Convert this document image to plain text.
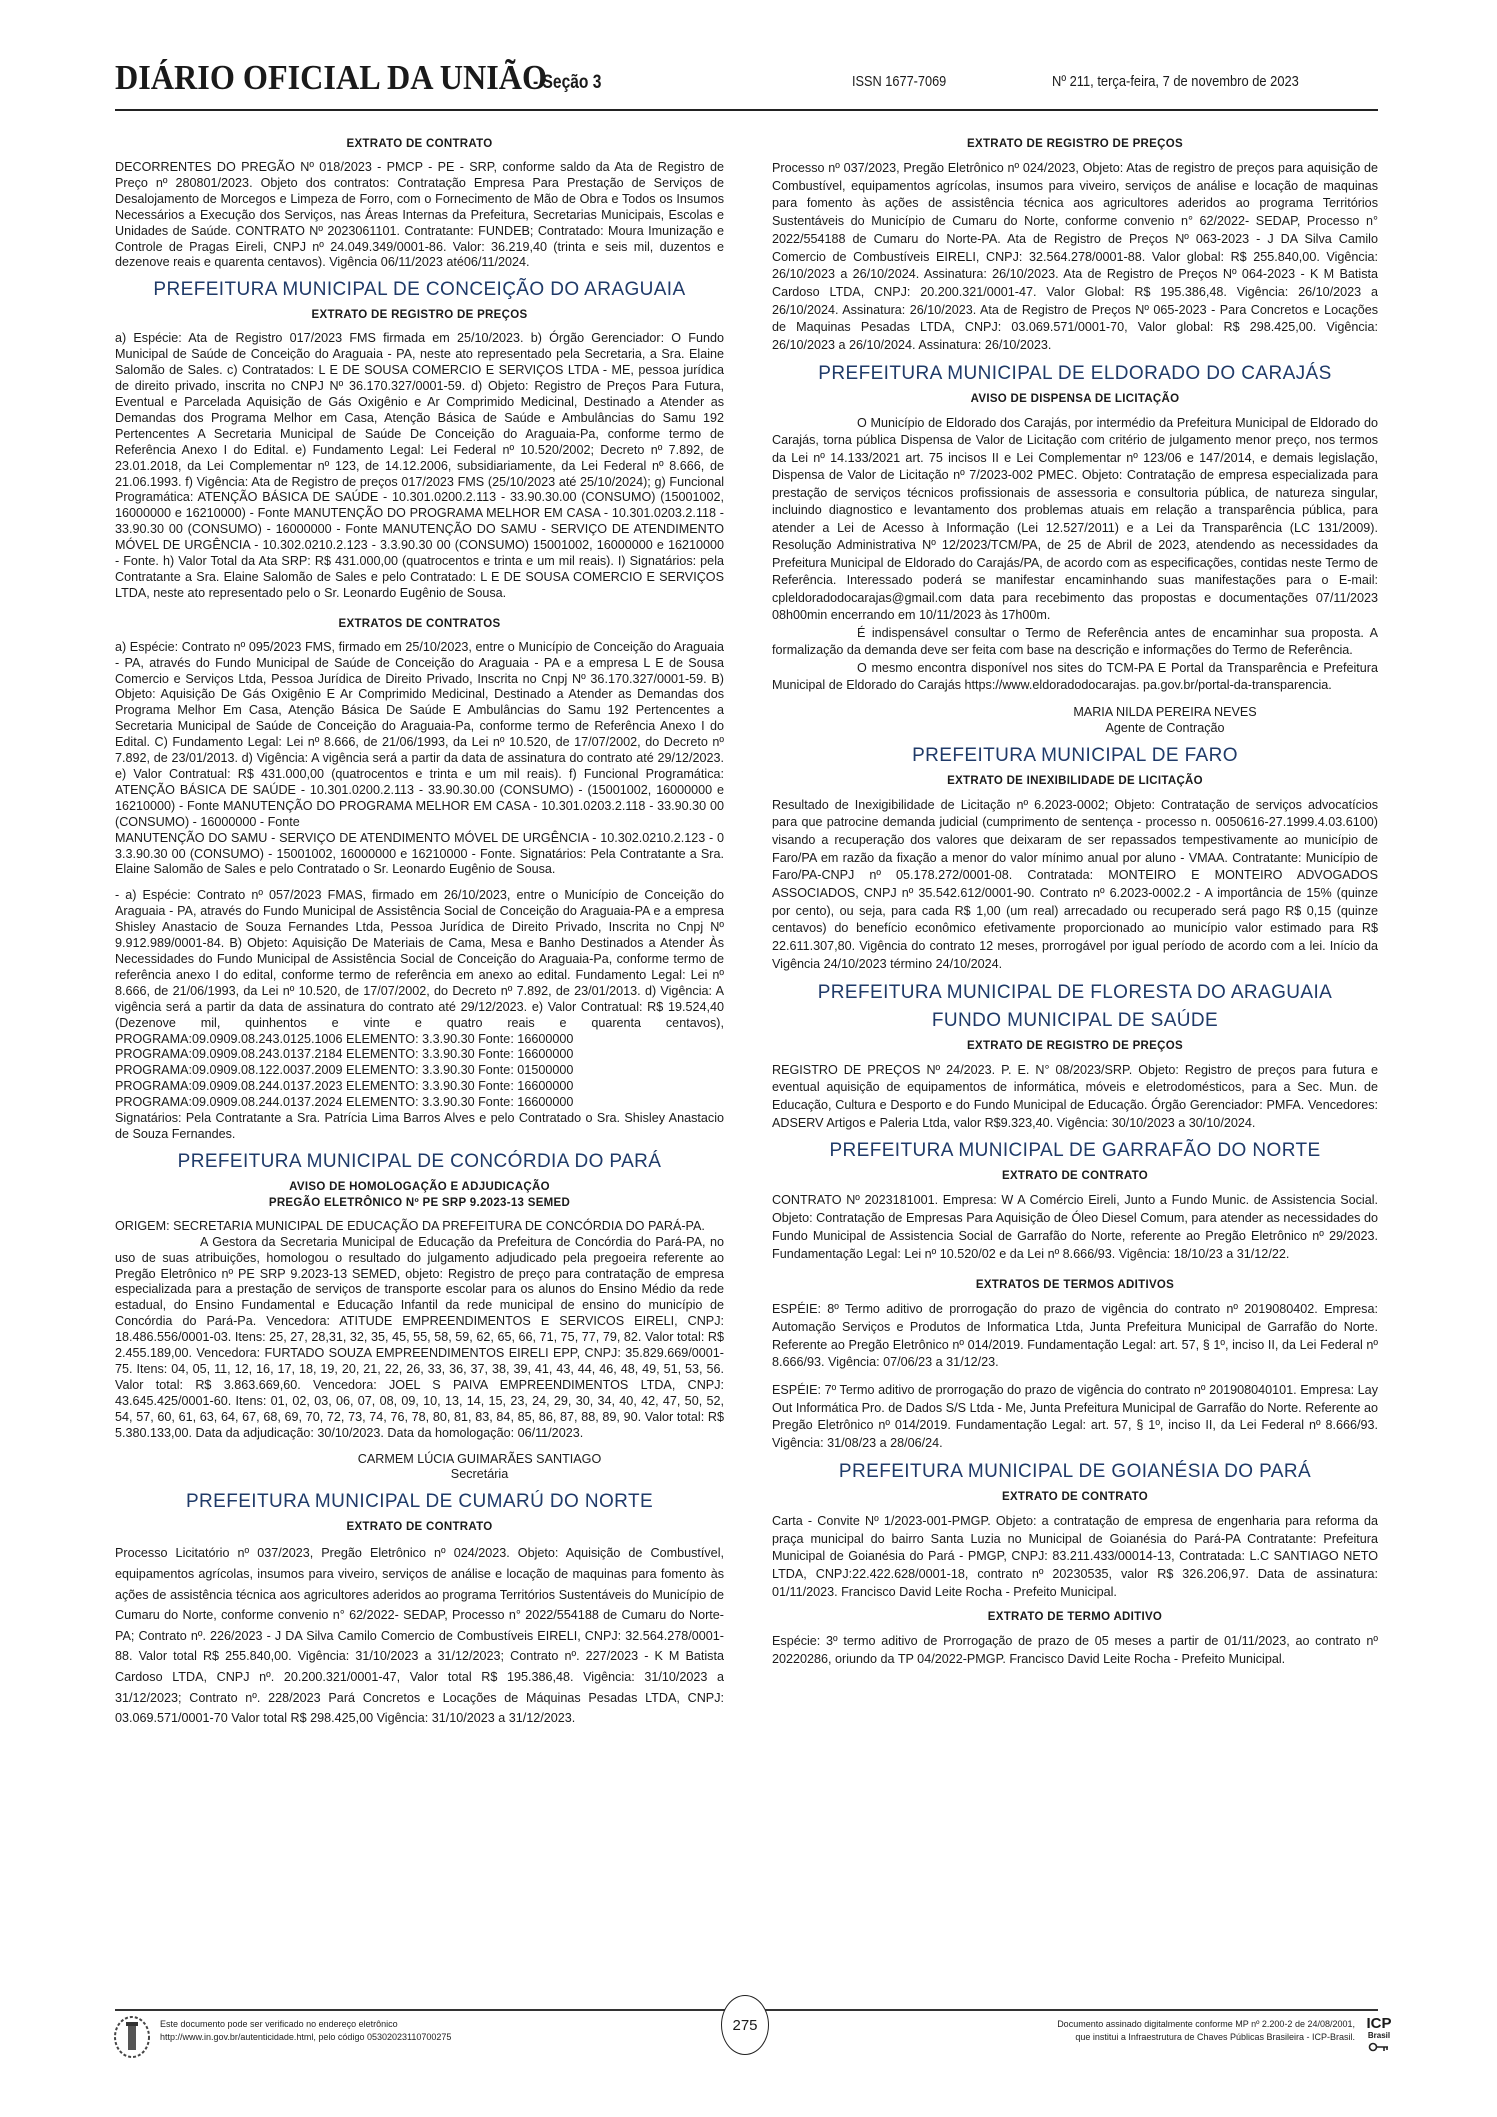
DIÁRIO OFICIAL DA UNIÃO
- Seção 3	ISSN 1677-7069	Nº 211, terça-feira, 7 de novembro de 2023
EXTRATO DE CONTRATO

DECORRENTES DO PREGÃO Nº 018/2023 - PMCP - PE - SRP, conforme saldo da Ata de Registro de Preço nº 280801/2023. Objeto dos contratos: Contratação Empresa Para Prestação de Serviços de Desalojamento de Morcegos e Limpeza de Forro, com o Fornecimento de Mão de Obra e Todos os Insumos Necessários a Execução dos Serviços, nas Áreas Internas da Prefeitura, Secretarias Municipais, Escolas e Unidades de Saúde. CONTRATO Nº 2023061101. Contratante: FUNDEB; Contratado: Moura Imunização e Controle de Pragas Eireli, CNPJ nº 24.049.349/0001-86. Valor: 36.219,40 (trinta e seis mil, duzentos e dezenove reais e quarenta centavos). Vigência 06/11/2023 até06/11/2024.

PREFEITURA MUNICIPAL DE CONCEIÇÃO DO ARAGUAIA
EXTRATO DE REGISTRO DE PREÇOS

a) Espécie: Ata de Registro 017/2023 FMS firmada em 25/10/2023. b) Órgão Gerenciador: O Fundo Municipal de Saúde de Conceição do Araguaia - PA, neste ato representado pela Secretaria, a Sra. Elaine Salomão de Sales. c) Contratados: L E DE SOUSA COMERCIO E SERVIÇOS LTDA - ME, pessoa jurídica de direito privado, inscrita no CNPJ Nº 36.170.327/0001-59. d) Objeto: Registro de Preços Para Futura, Eventual e Parcelada Aquisição de Gás Oxigênio e Ar Comprimido Medicinal, Destinado a Atender as Demandas dos Programa Melhor em Casa, Atenção Básica de Saúde e Ambulâncias do Samu 192 Pertencentes A Secretaria Municipal de Saúde De Conceição do Araguaia-Pa, conforme termo de Referência Anexo I do Edital. e) Fundamento Legal: Lei Federal nº 10.520/2002; Decreto nº 7.892, de 23.01.2018, da Lei Complementar nº 123, de 14.12.2006, subsidiariamente, da Lei Federal nº 8.666, de 21.06.1993. f) Vigência: Ata de Registro de preços 017/2023 FMS (25/10/2023 até 25/10/2024); g) Funcional Programática: ATENÇÃO BÁSICA DE SAÚDE - 10.301.0200.2.113 - 33.90.30.00 (CONSUMO) (15001002, 16000000 e 16210000) - Fonte MANUTENÇÃO DO PROGRAMA MELHOR EM CASA - 10.301.0203.2.118 - 33.90.30 00 (CONSUMO) - 16000000 - Fonte MANUTENÇÃO DO SAMU - SERVIÇO DE ATENDIMENTO MÓVEL DE URGÊNCIA - 10.302.0210.2.123 - 3.3.90.30 00 (CONSUMO) 15001002, 16000000 e 16210000 - Fonte. h) Valor Total da Ata SRP: R$ 431.000,00 (quatrocentos e trinta e um mil reais). I) Signatários: pela Contratante a Sra. Elaine Salomão de Sales e pelo Contratado: L E DE SOUSA COMERCIO E SERVIÇOS LTDA, neste ato representado pelo o Sr. Leonardo Eugênio de Sousa.

EXTRATOS DE CONTRATOS

a) Espécie: Contrato nº 095/2023 FMS, firmado em 25/10/2023, entre o Município de Conceição do Araguaia - PA, através do Fundo Municipal de Saúde de Conceição do Araguaia - PA e a empresa L E de Sousa Comercio e Serviços Ltda, Pessoa Jurídica de Direito Privado, Inscrita no Cnpj Nº 36.170.327/0001-59. B) Objeto: Aquisição De Gás Oxigênio E Ar Comprimido Medicinal, Destinado a Atender as Demandas dos Programa Melhor Em Casa, Atenção Básica De Saúde E Ambulâncias do Samu 192 Pertencentes a Secretaria Municipal de Saúde de Conceição do Araguaia-Pa, conforme termo de Referência Anexo I do Edital. C) Fundamento Legal: Lei nº 8.666, de 21/06/1993, da Lei nº 10.520, de 17/07/2002, do Decreto nº 7.892, de 23/01/2013. d) Vigência: A vigência será a partir da data de assinatura do contrato até 29/12/2023. e) Valor Contratual: R$ 431.000,00 (quatrocentos e trinta e um mil reais). f) Funcional Programática: ATENÇÃO BÁSICA DE SAÚDE - 10.301.0200.2.113 - 33.90.30.00 (CONSUMO) - (15001002, 16000000 e 16210000) - Fonte MANUTENÇÃO DO PROGRAMA MELHOR EM CASA - 10.301.0203.2.118 - 33.90.30 00 (CONSUMO) - 16000000 - Fonte

MANUTENÇÃO DO SAMU - SERVIÇO DE ATENDIMENTO MÓVEL DE URGÊNCIA - 10.302.0210.2.123 - 0 3.3.90.30 00 (CONSUMO) - 15001002, 16000000 e 16210000 - Fonte. Signatários: Pela Contratante a Sra. Elaine Salomão de Sales e pelo Contratado o Sr. Leonardo Eugênio de Sousa.

- a) Espécie: Contrato nº 057/2023 FMAS, firmado em 26/10/2023, entre o Município de Conceição do Araguaia - PA, através do Fundo Municipal de Assistência Social de Conceição do Araguaia-PA e a empresa Shisley Anastacio de Souza Fernandes Ltda, Pessoa Jurídica de Direito Privado, Inscrita no Cnpj Nº 9.912.989/0001-84. B) Objeto: Aquisição De Materiais de Cama, Mesa e Banho Destinados a Atender Às Necessidades do Fundo Municipal de Assistência Social de Conceição do Araguaia-Pa, conforme termo de referência anexo I do edital, conforme termo de referência em anexo ao edital. Fundamento Legal: Lei nº 8.666, de 21/06/1993, da Lei nº 10.520, de 17/07/2002, do Decreto nº 7.892, de 23/01/2013. d) Vigência: A vigência será a partir da data de assinatura do contrato até 29/12/2023. e) Valor Contratual: R$ 19.524,40 (Dezenove mil, quinhentos e vinte e quatro reais e quarenta centavos), PROGRAMA:09.0909.08.243.0125.1006 ELEMENTO: 3.3.90.30 Fonte: 16600000

PROGRAMA:09.0909.08.243.0137.2184 ELEMENTO: 3.3.90.30 Fonte: 16600000
PROGRAMA:09.0909.08.122.0037.2009 ELEMENTO: 3.3.90.30 Fonte: 01500000
PROGRAMA:09.0909.08.244.0137.2023 ELEMENTO: 3.3.90.30 Fonte: 16600000
PROGRAMA:09.0909.08.244.0137.2024 ELEMENTO: 3.3.90.30 Fonte: 16600000

Signatários: Pela Contratante a Sra. Patrícia Lima Barros Alves e pelo Contratado o Sra. Shisley Anastacio de Souza Fernandes.

PREFEITURA MUNICIPAL DE CONCÓRDIA DO PARÁ
AVISO DE HOMOLOGAÇÃO E ADJUDICAÇÃO
PREGÃO ELETRÔNICO Nº PE SRP 9.2023-13 SEMED

ORIGEM: SECRETARIA MUNICIPAL DE EDUCAÇÃO DA PREFEITURA DE CONCÓRDIA DO PARÁ-PA.

A Gestora da Secretaria Municipal de Educação da Prefeitura de Concórdia do Pará-PA, no uso de suas atribuições, homologou o resultado do julgamento adjudicado pela pregoeira referente ao Pregão Eletrônico nº PE SRP 9.2023-13 SEMED, objeto: Registro de preço para contratação de empresa especializada para a prestação de serviços de transporte escolar para os alunos do Ensino Médio da rede estadual, do Ensino Fundamental e Educação Infantil da rede municipal de ensino do município de Concórdia do Pará-Pa. Vencedora: ATITUDE EMPREENDIMENTOS E SERVICOS EIRELI, CNPJ: 18.486.556/0001-03. Itens: 25, 27, 28,31, 32, 35, 45, 55, 58, 59, 62, 65, 66, 71, 75, 77, 79, 82. Valor total: R$ 2.455.189,00. Vencedora: FURTADO SOUZA EMPREENDIMENTOS EIRELI EPP, CNPJ: 35.829.669/0001-75. Itens: 04, 05, 11, 12, 16, 17, 18, 19, 20, 21, 22, 26, 33, 36, 37, 38, 39, 41, 43, 44, 46, 48, 49, 51, 53, 56. Valor total: R$ 3.863.669,60. Vencedora: JOEL S PAIVA EMPREENDIMENTOS LTDA, CNPJ: 43.645.425/0001-60. Itens: 01, 02, 03, 06, 07, 08, 09, 10, 13, 14, 15, 23, 24, 29, 30, 34, 40, 42, 47, 50, 52, 54, 57, 60, 61, 63, 64, 67, 68, 69, 70, 72, 73, 74, 76, 78, 80, 81, 83, 84, 85, 86, 87, 88, 89, 90. Valor total: R$ 5.380.133,00. Data da adjudicação: 30/10/2023. Data da homologação: 06/11/2023.

CARMEM LÚCIA GUIMARÃES SANTIAGO
Secretária
PREFEITURA MUNICIPAL DE CUMARÚ DO NORTE
EXTRATO DE CONTRATO

Processo Licitatório nº 037/2023, Pregão Eletrônico nº 024/2023. Objeto: Aquisição de Combustível, equipamentos agrícolas, insumos para viveiro, serviços de análise e locação de maquinas para fomento às ações de assistência técnica aos agricultores aderidos ao programa Territórios Sustentáveis do Município de Cumaru do Norte, conforme convenio n° 62/2022- SEDAP, Processo n° 2022/554188 de Cumaru do Norte-PA; Contrato nº. 226/2023 - J DA Silva Camilo Comercio de Combustíveis EIRELI, CNPJ: 32.564.278/0001-88. Valor total R$ 255.840,00. Vigência: 31/10/2023 a 31/12/2023; Contrato nº. 227/2023 - K M Batista Cardoso LTDA, CNPJ nº. 20.200.321/0001-47, Valor total R$ 195.386,48. Vigência: 31/10/2023 a 31/12/2023; Contrato nº. 228/2023 Pará Concretos e Locações de Máquinas Pesadas LTDA, CNPJ: 03.069.571/0001-70 Valor total R$ 298.425,00 Vigência: 31/10/2023 a 31/12/2023.

EXTRATO DE REGISTRO DE PREÇOS

Processo nº 037/2023, Pregão Eletrônico nº 024/2023, Objeto: Atas de registro de preços para aquisição de Combustível, equipamentos agrícolas, insumos para viveiro, serviços de análise e locação de maquinas para fomento às ações de assistência técnica aos agricultores aderidos ao programa Territórios Sustentáveis do Município de Cumaru do Norte, conforme convenio n° 62/2022- SEDAP, Processo n° 2022/554188 de Cumaru do Norte-PA. Ata de Registro de Preços Nº 063-2023 - J DA Silva Camilo Comercio de Combustíveis EIRELI, CNPJ: 32.564.278/0001-88. Valor global: R$ 255.840,00. Vigência: 26/10/2023 a 26/10/2024. Assinatura: 26/10/2023. Ata de Registro de Preços Nº 064-2023 - K M Batista Cardoso LTDA, CNPJ: 20.200.321/0001-47. Valor Global: R$ 195.386,48. Vigência: 26/10/2023 a 26/10/2024. Assinatura: 26/10/2023. Ata de Registro de Preços Nº 065-2023 - Para Concretos e Locações de Maquinas Pesadas LTDA, CNPJ: 03.069.571/0001-70, Valor global: R$ 298.425,00. Vigência: 26/10/2023 a 26/10/2024. Assinatura: 26/10/2023.

PREFEITURA MUNICIPAL DE ELDORADO DO CARAJÁS
AVISO DE DISPENSA DE LICITAÇÃO

O Município de Eldorado dos Carajás, por intermédio da Prefeitura Municipal de Eldorado do Carajás, torna pública Dispensa de Valor de Licitação com critério de julgamento menor preço, nos termos da Lei nº 14.133/2021 art. 75 incisos II e Lei Complementar nº 123/06 e 147/2014, e demais legislação, Dispensa de Valor de Licitação nº 7/2023-002 PMEC. Objeto: Contratação de empresa especializada para prestação de serviços técnicos profissionais de assessoria e consultoria pública, de natureza singular, incluindo diagnostico e levantamento dos problemas atuais em relação a transparência pública, para atender a Lei de Acesso à Informação (Lei 12.527/2011) e a Lei da Transparência (LC 131/2009). Resolução Administrativa Nº 12/2023/TCM/PA, de 25 de Abril de 2023, atendendo as necessidades da Prefeitura Municipal de Eldorado do Carajás/PA, de acordo com as especificações, contidas neste Termo de Referência. Interessado poderá se manifestar encaminhando suas manifestações para o E-mail: cpleldoradodocarajas@gmail.com data para recebimento das propostas e documentações 07/11/2023 08h00min encerrando em 10/11/2023 às 17h00m.

É indispensável consultar o Termo de Referência antes de encaminhar sua proposta. A formalização da demanda deve ser feita com base na descrição e informações do Termo de Referência.

O mesmo encontra disponível nos sites do TCM-PA E Portal da Transparência e Prefeitura Municipal de Eldorado do Carajás https://www.eldoradodocarajas. pa.gov.br/portal-da-transparencia.

MARIA NILDA PEREIRA NEVES
Agente de Contração
PREFEITURA MUNICIPAL DE FARO
EXTRATO DE INEXIBILIDADE DE LICITAÇÃO

Resultado de Inexigibilidade de Licitação nº 6.2023-0002; Objeto: Contratação de serviços advocatícios para que patrocine demanda judicial (cumprimento de sentença - processo n. 0050616-27.1999.4.03.6100) visando a recuperação dos valores que deixaram de ser repassados tempestivamente ao município de Faro/PA em razão da fixação a menor do valor mínimo anual por aluno - VMAA. Contratante: Município de Faro/PA-CNPJ nº 05.178.272/0001-08. Contratada: MONTEIRO E MONTEIRO ADVOGADOS ASSOCIADOS, CNPJ nº 35.542.612/0001-90. Contrato nº 6.2023-0002.2 - A importância de 15% (quinze por cento), ou seja, para cada R$ 1,00 (um real) arrecadado ou recuperado será pago R$ 0,15 (quinze centavos) do benefício econômico efetivamente proporcionado ao município valor estimado para R$ 22.611.307,80. Vigência do contrato 12 meses, prorrogável por igual período de acordo com a lei. Início da Vigência 24/10/2023 término 24/10/2024.

PREFEITURA MUNICIPAL DE FLORESTA DO ARAGUAIA
FUNDO MUNICIPAL DE SAÚDE
EXTRATO DE REGISTRO DE PREÇOS

REGISTRO DE PREÇOS Nº 24/2023. P. E. N° 08/2023/SRP. Objeto: Registro de preços para futura e eventual aquisição de equipamentos de informática, móveis e eletrodomésticos, para a Sec. Mun. de Educação, Cultura e Desporto e do Fundo Municipal de Educação. Órgão Gerenciador: PMFA. Vencedores: ADSERV Artigos e Paleria Ltda, valor R$9.323,40. Vigência: 30/10/2023 a 30/10/2024.

PREFEITURA MUNICIPAL DE GARRAFÃO DO NORTE
EXTRATO DE CONTRATO

CONTRATO Nº 2023181001. Empresa: W A Comércio Eireli, Junto a Fundo Munic. de Assistencia Social. Objeto: Contratação de Empresas Para Aquisição de Óleo Diesel Comum, para atender as necessidades do Fundo Municipal de Assistencia Social de Garrafão do Norte, referente ao Pregão Eletrônico nº 29/2023. Fundamentação Legal: Lei nº 10.520/02 e da Lei nº 8.666/93. Vigência: 18/10/23 a 31/12/22.

EXTRATOS DE TERMOS ADITIVOS

ESPÉIE: 8º Termo aditivo de prorrogação do prazo de vigência do contrato nº 2019080402. Empresa: Automação Serviços e Produtos de Informatica Ltda, Junta Prefeitura Municipal de Garrafão do Norte. Referente ao Pregão Eletrônico nº 014/2019. Fundamentação Legal: art. 57, § 1º, inciso II, da Lei Federal nº 8.666/93. Vigência: 07/06/23 a 31/12/23.

ESPÉIE: 7º Termo aditivo de prorrogação do prazo de vigência do contrato nº 201908040101. Empresa: Lay Out Informática Pro. de Dados S/S Ltda - Me, Junta Prefeitura Municipal de Garrafão do Norte. Referente ao Pregão Eletrônico nº 014/2019. Fundamentação Legal: art. 57, § 1º, inciso II, da Lei Federal nº 8.666/93. Vigência: 31/08/23 a 28/06/24.

PREFEITURA MUNICIPAL DE GOIANÉSIA DO PARÁ
EXTRATO DE CONTRATO

Carta - Convite Nº 1/2023-001-PMGP. Objeto: a contratação de empresa de engenharia para reforma da praça municipal do bairro Santa Luzia no Municipal de Goianésia do Pará-PA Contratante: Prefeitura Municipal de Goianésia do Pará - PMGP, CNPJ: 83.211.433/00014-13, Contratada: L.C SANTIAGO NETO LTDA, CNPJ:22.422.628/0001-18, contrato nº 20230535, valor R$ 326.206,97. Data de assinatura: 01/11/2023. Francisco David Leite Rocha - Prefeito Municipal.

EXTRATO DE TERMO ADITIVO

Espécie: 3º termo aditivo de Prorrogação de prazo de 05 meses a partir de 01/11/2023, ao contrato nº 20220286, oriundo da TP 04/2022-PMGP. Francisco David Leite Rocha - Prefeito Municipal.

Este documento pode ser verificado no endereço eletrônico
http://www.in.gov.br/autenticidade.html, pelo código 05302023110700275
275	Documento assinado digitalmente conforme MP nº 2.200-2 de 24/08/2001,
que institui a Infraestrutura de Chaves Públicas Brasileira - ICP-Brasil.
ICP
Brasil
